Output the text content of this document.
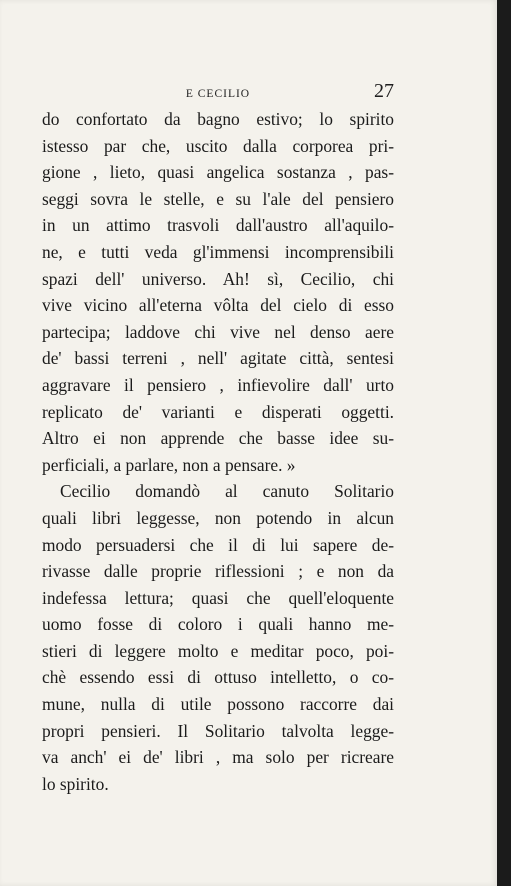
E CECILIO	27
do confortato da bagno estivo; lo spirito
istesso par che, uscito dalla corporea pri-
gione , lieto, quasi angelica sostanza , pas-
seggi sovra le stelle, e su l'ale del pensiero
in un attimo trasvoli dall'austro all'aquilo-
ne, e tutti veda gl'immensi incomprensibili
spazi dell' universo. Ah! sì, Cecilio, chi
vive vicino all'eterna vôlta del cielo di esso
partecipa; laddove chi vive nel denso aere
de' bassi terreni , nell' agitate città, sentesi
aggravare il pensiero , infievolire dall' urto
replicato de' varianti e disperati oggetti.
Altro ei non apprende che basse idee su-
perficiali, a parlare, non a pensare. »
Cecilio domandò al canuto Solitario
quali libri leggesse, non potendo in alcun
modo persuadersi che il di lui sapere de-
rivasse dalle proprie riflessioni ; e non da
indefessa lettura; quasi che quell'eloquente
uomo fosse di coloro i quali hanno me-
stieri di leggere molto e meditar poco, poi-
chè essendo essi di ottuso intelletto, o co-
mune, nulla di utile possono raccorre dai
propri pensieri. Il Solitario talvolta legge-
va anch' ei de' libri , ma solo per ricreare
lo spirito.
